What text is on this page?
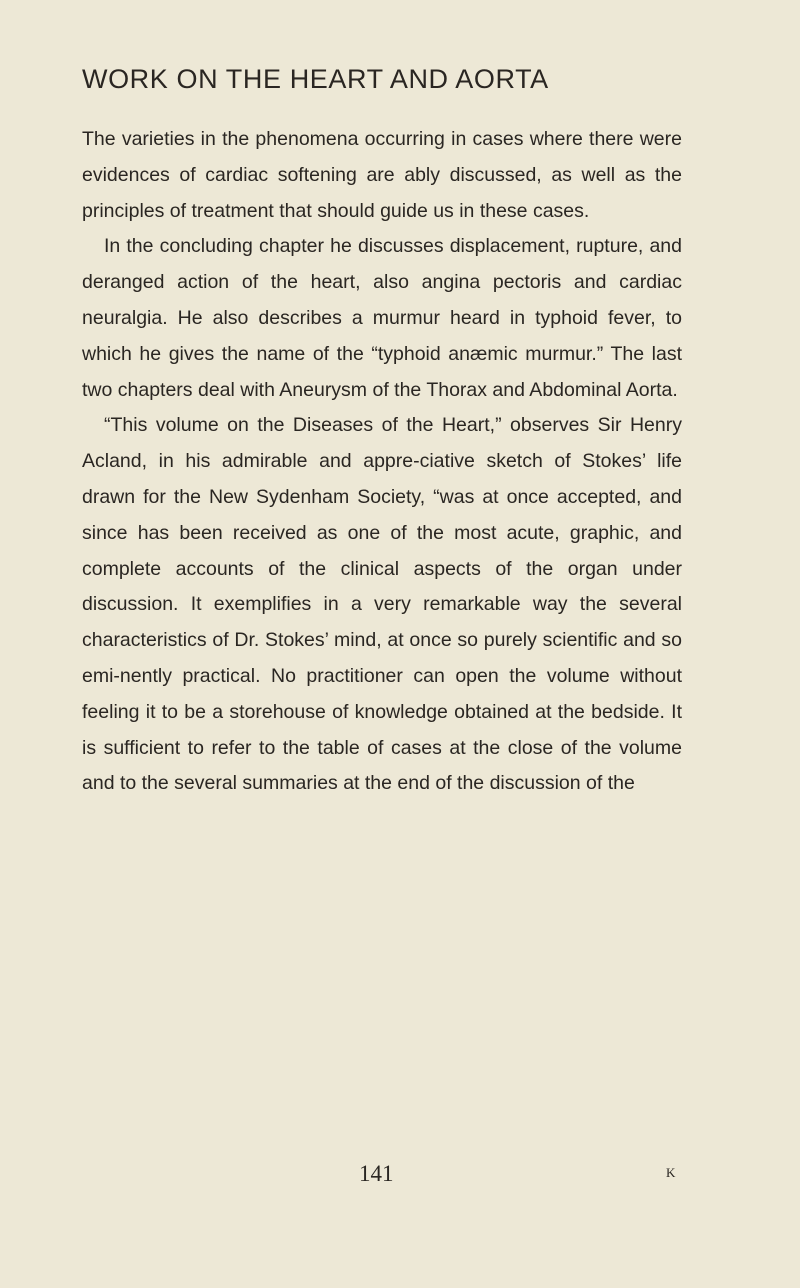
WORK ON THE HEART AND AORTA

The varieties in the phenomena occurring in cases where there were evidences of cardiac softening are ably discussed, as well as the principles of treatment that should guide us in these cases.

In the concluding chapter he discusses displacement, rupture, and deranged action of the heart, also angina pectoris and cardiac neuralgia. He also describes a murmur heard in typhoid fever, to which he gives the name of the “typhoid anæmic murmur.” The last two chapters deal with Aneurysm of the Thorax and Abdominal Aorta.

“This volume on the Diseases of the Heart,” observes Sir Henry Acland, in his admirable and appre-ciative sketch of Stokes’ life drawn for the New Sydenham Society, “was at once accepted, and since has been received as one of the most acute, graphic, and complete accounts of the clinical aspects of the organ under discussion. It exemplifies in a very remarkable way the several characteristics of Dr. Stokes’ mind, at once so purely scientific and so emi-nently practical. No practitioner can open the volume without feeling it to be a storehouse of knowledge obtained at the bedside. It is sufficient to refer to the table of cases at the close of the volume and to the several summaries at the end of the discussion of the

141	K
